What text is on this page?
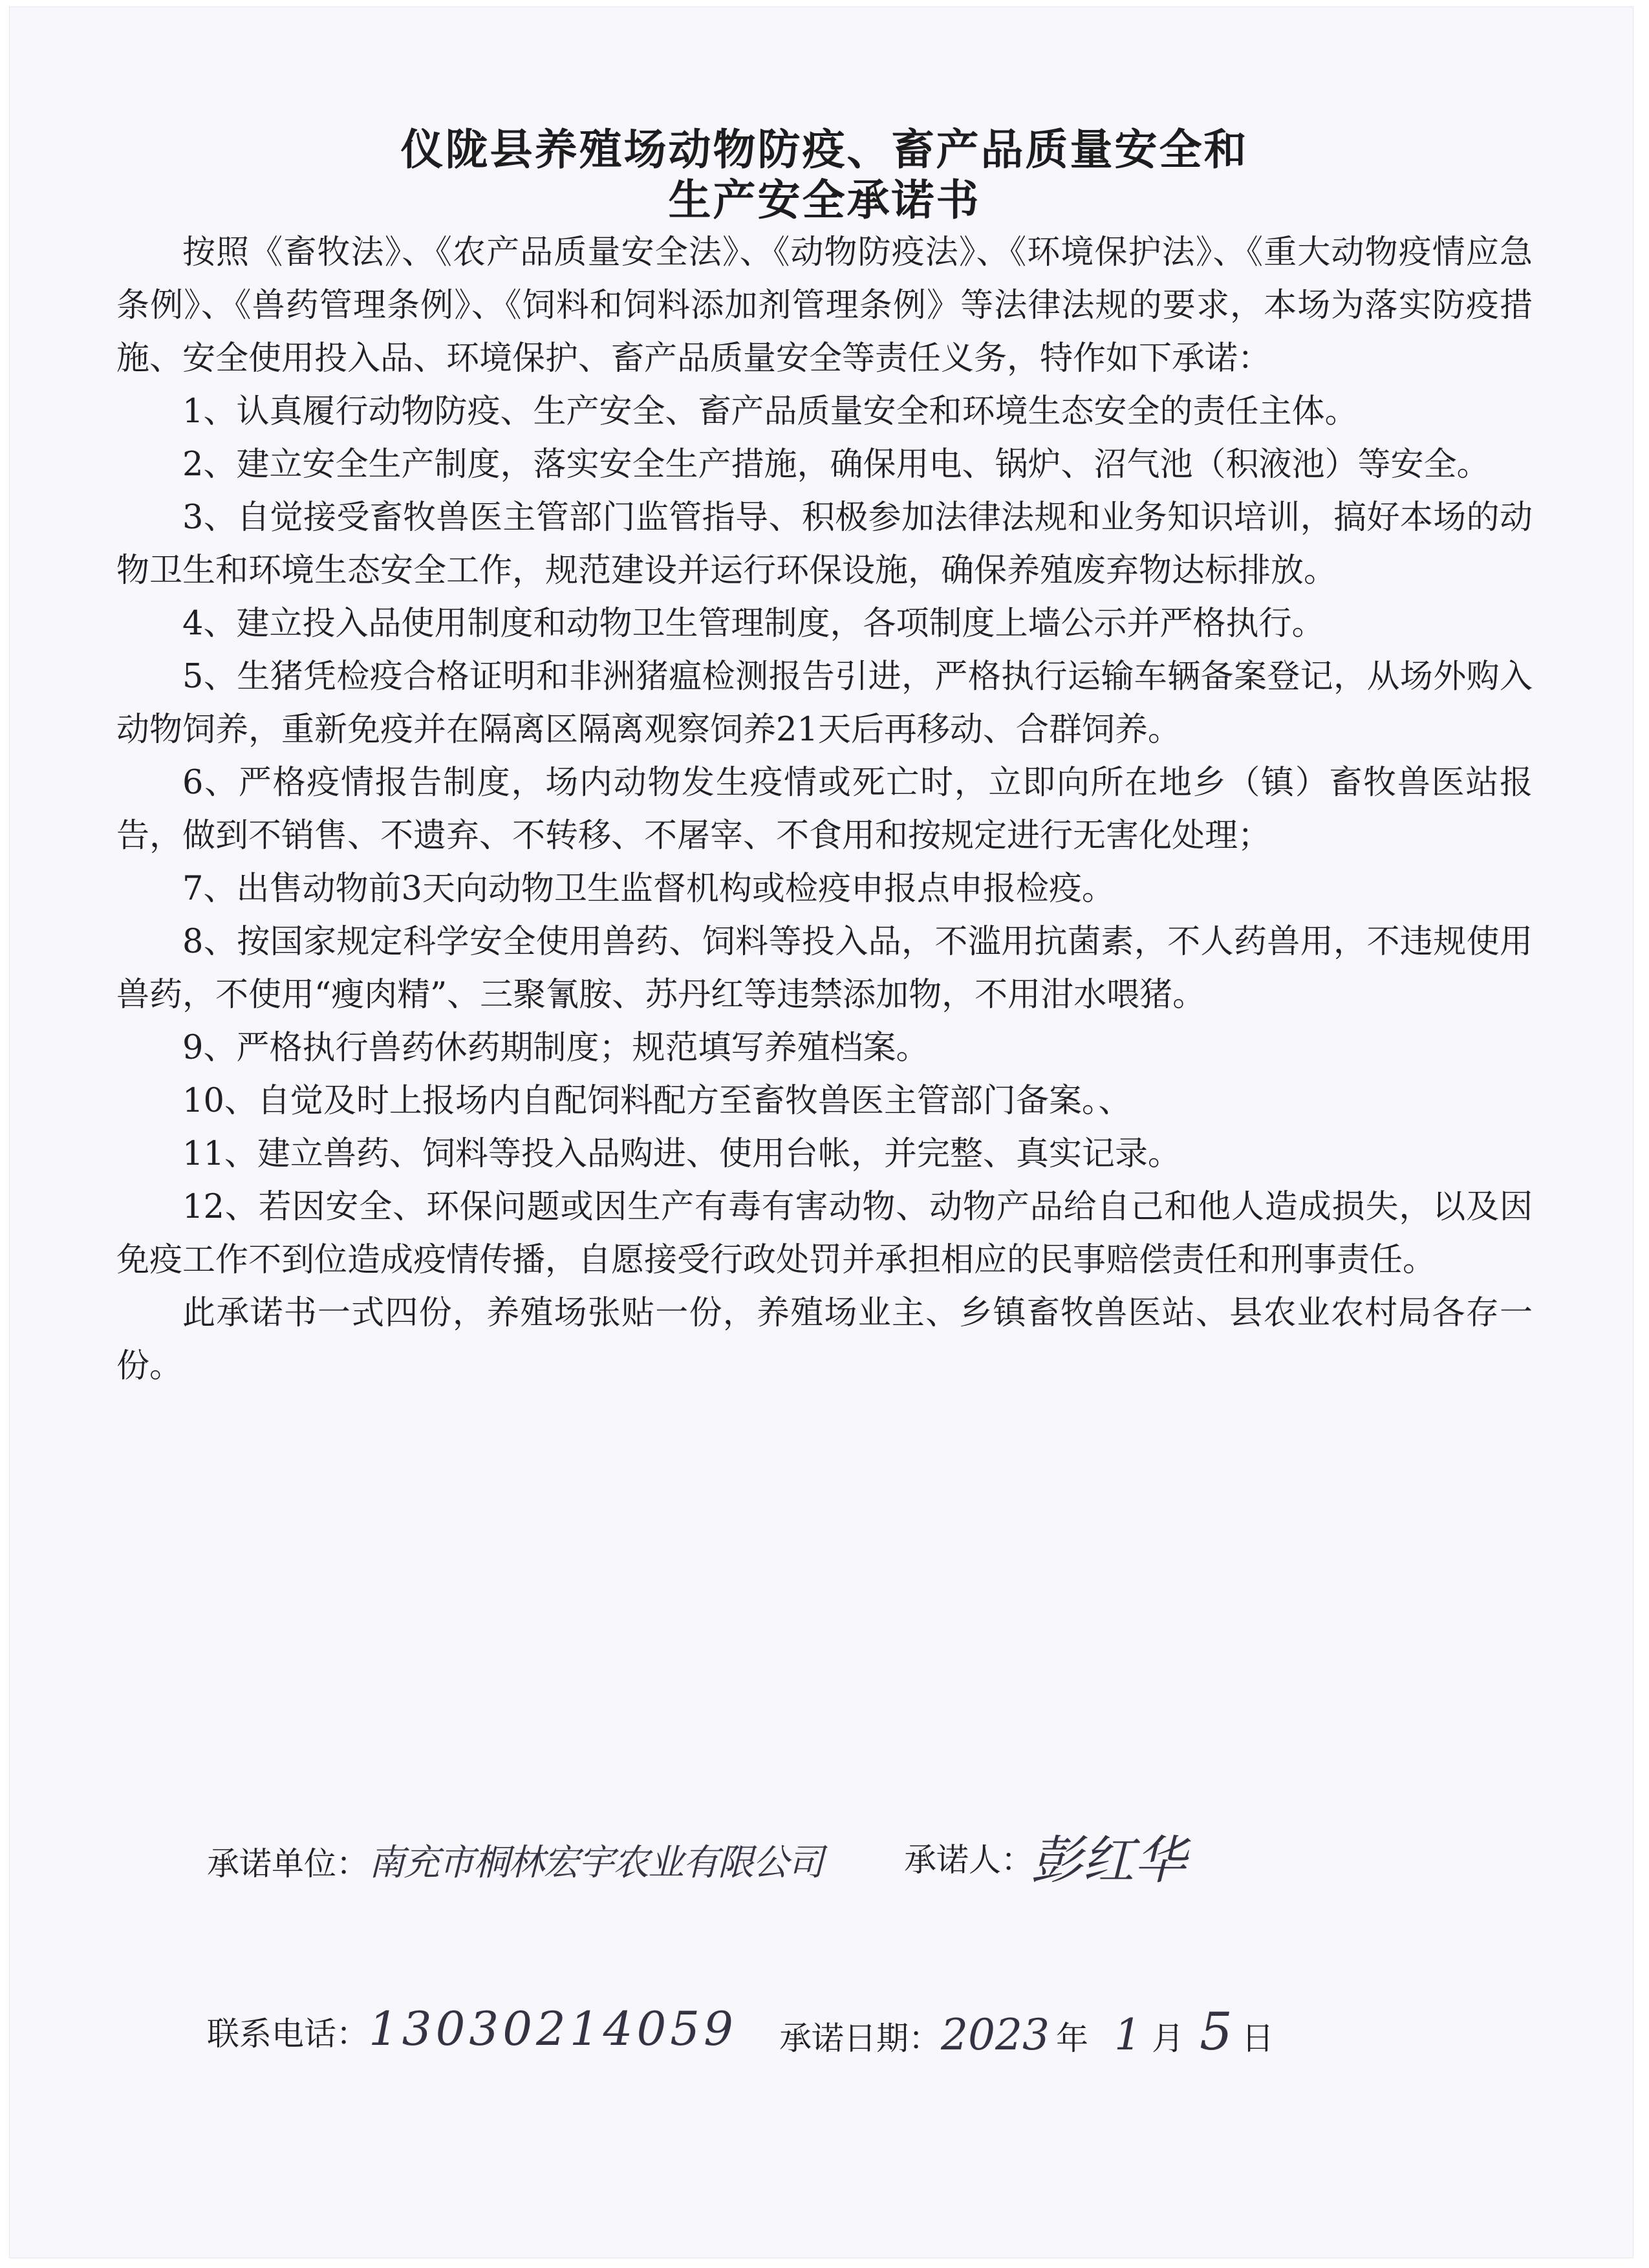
仪陇县养殖场动物防疫、畜产品质量安全和
生产安全承诺书

按照《畜牧法》、《农产品质量安全法》、《动物防疫法》、《环境保护法》、《重大动物疫情应急条例》、《兽药管理条例》、《饲料和饲料添加剂管理条例》等法律法规的要求，本场为落实防疫措施、安全使用投入品、环境保护、畜产品质量安全等责任义务，特作如下承诺：

1、认真履行动物防疫、生产安全、畜产品质量安全和环境生态安全的责任主体。

2、建立安全生产制度，落实安全生产措施，确保用电、锅炉、沼气池（积液池）等安全。

3、自觉接受畜牧兽医主管部门监管指导、积极参加法律法规和业务知识培训，搞好本场的动物卫生和环境生态安全工作，规范建设并运行环保设施，确保养殖废弃物达标排放。

4、建立投入品使用制度和动物卫生管理制度，各项制度上墙公示并严格执行。

5、生猪凭检疫合格证明和非洲猪瘟检测报告引进，严格执行运输车辆备案登记，从场外购入动物饲养，重新免疫并在隔离区隔离观察饲养21天后再移动、合群饲养。

6、严格疫情报告制度，场内动物发生疫情或死亡时，立即向所在地乡（镇）畜牧兽医站报告，做到不销售、不遗弃、不转移、不屠宰、不食用和按规定进行无害化处理；

7、出售动物前3天向动物卫生监督机构或检疫申报点申报检疫。

8、按国家规定科学安全使用兽药、饲料等投入品，不滥用抗菌素，不人药兽用，不违规使用兽药，不使用“瘦肉精”、三聚氰胺、苏丹红等违禁添加物，不用泔水喂猪。

9、严格执行兽药休药期制度；规范填写养殖档案。

10、自觉及时上报场内自配饲料配方至畜牧兽医主管部门备案。、

11、建立兽药、饲料等投入品购进、使用台帐，并完整、真实记录。

12、若因安全、环保问题或因生产有毒有害动物、动物产品给自己和他人造成损失，以及因免疫工作不到位造成疫情传播，自愿接受行政处罚并承担相应的民事赔偿责任和刑事责任。

此承诺书一式四份，养殖场张贴一份，养殖场业主、乡镇畜牧兽医站、县农业农村局各存一份。

承诺单位：南充市桐林宏宇农业有限公司	承诺人：
彭红华
联系电话：13030214059 承诺日期：2023 年 1 月 5 日
